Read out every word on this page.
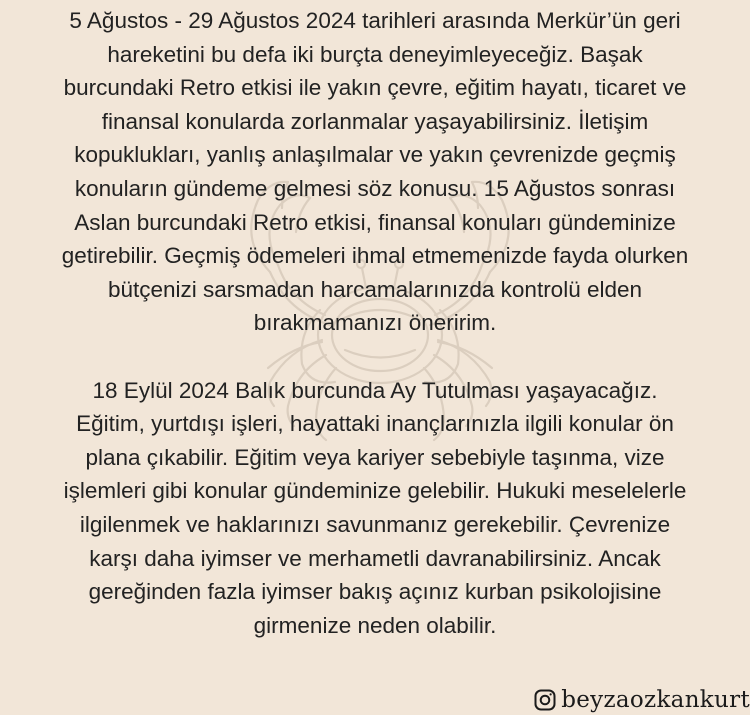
5 Ağustos - 29 Ağustos 2024 tarihleri arasında Merkür’ün geri
hareketini bu defa iki burçta deneyimleyeceğiz. Başak
burcundaki Retro etkisi ile yakın çevre, eğitim hayatı, ticaret ve
finansal konularda zorlanmalar yaşayabilirsiniz. İletişim
kopuklukları, yanlış anlaşılmalar ve yakın çevrenizde geçmiş
konuların gündeme gelmesi söz konusu. 15 Ağustos sonrası
Aslan burcundaki Retro etkisi, finansal konuları gündeminize
getirebilir. Geçmiş ödemeleri ihmal etmemenizde fayda olurken
bütçenizi sarsmadan harcamalarınızda kontrolü elden
bırakmamanızı öneririm.

18 Eylül 2024 Balık burcunda Ay Tutulması yaşayacağız.
Eğitim, yurtdışı işleri, hayattaki inançlarınızla ilgili konular ön
plana çıkabilir. Eğitim veya kariyer sebebiyle taşınma, vize
işlemleri gibi konular gündeminize gelebilir. Hukuki meselelerle
ilgilenmek ve haklarınızı savunmanız gerekebilir. Çevrenize
karşı daha iyimser ve merhametli davranabilirsiniz. Ancak
gereğinden fazla iyimser bakış açınız kurban psikolojisine
girmenize neden olabilir.

beyzaozkankurt
